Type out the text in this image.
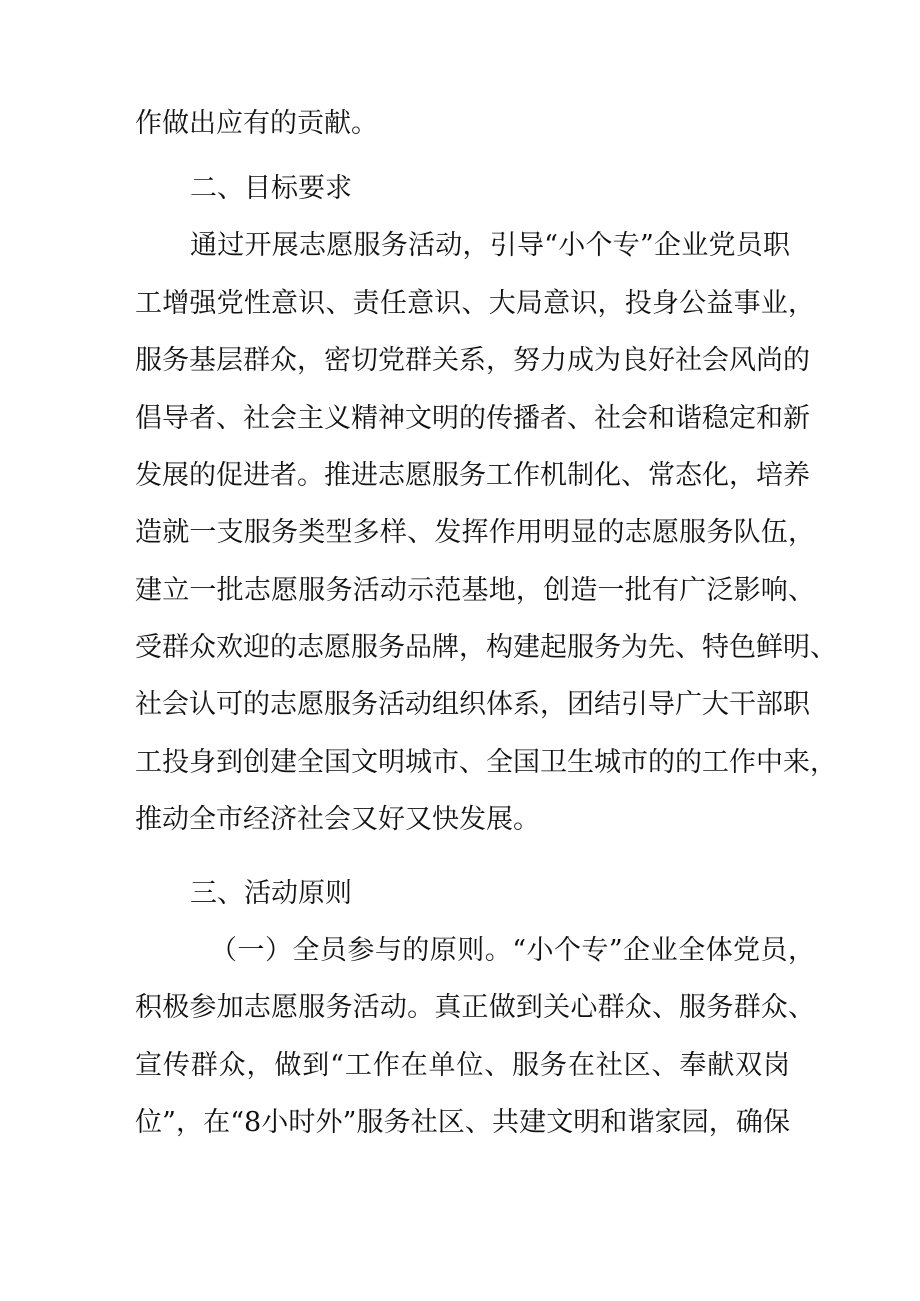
作做出应有的贡献。
二、目标要求
通过开展志愿服务活动，引导“小个专”企业党员职
工增强党性意识、责任意识、大局意识，投身公益事业，
服务基层群众，密切党群关系，努力成为良好社会风尚的
倡导者、社会主义精神文明的传播者、社会和谐稳定和新
发展的促进者。推进志愿服务工作机制化、常态化，培养
造就一支服务类型多样、发挥作用明显的志愿服务队伍，
建立一批志愿服务活动示范基地，创造一批有广泛影响、
受群众欢迎的志愿服务品牌，构建起服务为先、特色鲜明、
社会认可的志愿服务活动组织体系，团结引导广大干部职
工投身到创建全国文明城市、全国卫生城市的的工作中来，
推动全市经济社会又好又快发展。
三、活动原则
（一）全员参与的原则。“小个专”企业全体党员，
积极参加志愿服务活动。真正做到关心群众、服务群众、
宣传群众，做到“工作在单位、服务在社区、奉献双岗
位”，在“8小时外”服务社区、共建文明和谐家园，确保
